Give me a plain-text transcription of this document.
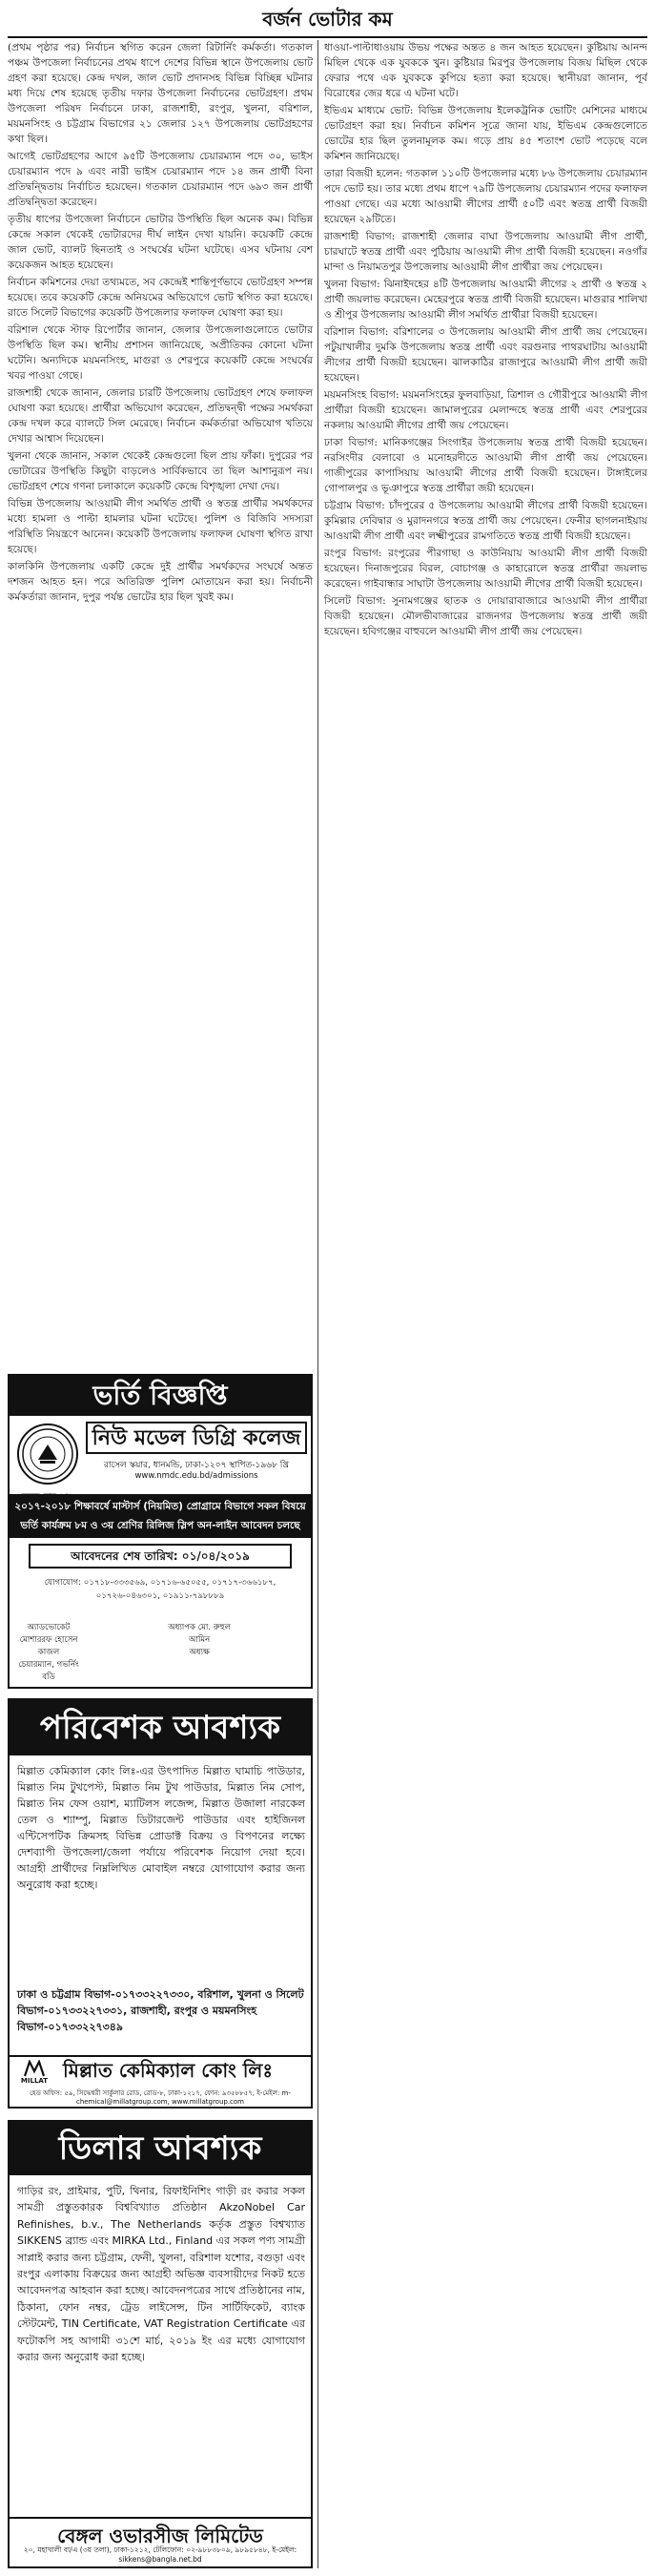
বর্জন ভোটার কম

(প্রথম পৃষ্ঠার পর) নির্বাচন স্থগিত করেন জেলা রিটার্নিং কর্মকর্তা। গতকাল পঞ্চম উপজেলা নির্বাচনের প্রথম ধাপে দেশের বিভিন্ন স্থানে উপজেলায় ভোট গ্রহণ করা হয়েছে। কেন্দ্র দখল, জাল ভোট প্রদানসহ বিভিন্ন বিচ্ছিন্ন ঘটনার মধ্য দিয়ে শেষ হয়েছে তৃতীয় দফার উপজেলা নির্বাচনের ভোটগ্রহণ। প্রথম উপজেলা পরিষদ নির্বাচনে ঢাকা, রাজশাহী, রংপুর, খুলনা, বরিশাল, ময়মনসিংহ ও চট্টগ্রাম বিভাগের ২১ জেলার ১২৭ উপজেলায় ভোটগ্রহণের কথা ছিল।

আগেই ভোটগ্রহণের আগে ৯৫টি উপজেলায় চেয়ারম্যান পদে ৩০, ভাইস চেয়ারম্যান পদে ৯ এবং নারী ভাইস চেয়ারম্যান পদে ১৪ জন প্রার্থী বিনা প্রতিদ্বন্দ্বিতায় নির্বাচিত হয়েছেন। গতকাল চেয়ারম্যান পদে ৬৯৩ জন প্রার্থী প্রতিদ্বন্দ্বিতা করেছেন।

তৃতীয় ধাপের উপজেলা নির্বাচনে ভোটার উপস্থিতি ছিল অনেক কম। বিভিন্ন কেন্দ্রে সকাল থেকেই ভোটারদের দীর্ঘ লাইন দেখা যায়নি। কয়েকটি কেন্দ্রে জাল ভোট, ব্যালট ছিনতাই ও সংঘর্ষের ঘটনা ঘটেছে। এসব ঘটনায় বেশ কয়েকজন আহত হয়েছেন।

নির্বাচন কমিশনের দেয়া তথ্যমতে, সব কেন্দ্রেই শান্তিপূর্ণভাবে ভোটগ্রহণ সম্পন্ন হয়েছে। তবে কয়েকটি কেন্দ্রে অনিয়মের অভিযোগে ভোট স্থগিত করা হয়েছে। রাতে সিলেট বিভাগের কয়েকটি উপজেলার ফলাফল ঘোষণা করা হয়।

বরিশাল থেকে স্টাফ রিপোর্টার জানান, জেলার উপজেলাগুলোতে ভোটার উপস্থিতি ছিল কম। স্থানীয় প্রশাসন জানিয়েছে, অপ্রীতিকর কোনো ঘটনা ঘটেনি। অন্যদিকে ময়মনসিংহ, মাগুরা ও শেরপুরে কয়েকটি কেন্দ্রে সংঘর্ষের খবর পাওয়া গেছে।

রাজশাহী থেকে জানান, জেলার চারটি উপজেলায় ভোটগ্রহণ শেষে ফলাফল ঘোষণা করা হয়েছে। প্রার্থীরা অভিযোগ করেছেন, প্রতিদ্বন্দ্বী পক্ষের সমর্থকরা কেন্দ্র দখল করে ব্যালটে সিল মেরেছে। নির্বাচন কর্মকর্তারা অভিযোগ খতিয়ে দেখার আশ্বাস দিয়েছেন।

খুলনা থেকে জানান, সকাল থেকেই কেন্দ্রগুলো ছিল প্রায় ফাঁকা। দুপুরের পর ভোটারের উপস্থিতি কিছুটা বাড়লেও সার্বিকভাবে তা ছিল আশানুরূপ নয়। ভোটগ্রহণ শেষে গণনা চলাকালে কয়েকটি কেন্দ্রে বিশৃঙ্খলা দেখা দেয়।

বিভিন্ন উপজেলায় আওয়ামী লীগ সমর্থিত প্রার্থী ও স্বতন্ত্র প্রার্থীর সমর্থকদের মধ্যে হামলা ও পাল্টা হামলার ঘটনা ঘটেছে। পুলিশ ও বিজিবি সদস্যরা পরিস্থিতি নিয়ন্ত্রণে আনেন। কয়েকটি উপজেলায় ফলাফল ঘোষণা স্থগিত রাখা হয়েছে।

কালকিনি উপজেলায় একটি কেন্দ্রে দুই প্রার্থীর সমর্থকদের সংঘর্ষে অন্তত দশজন আহত হন। পরে অতিরিক্ত পুলিশ মোতায়েন করা হয়। নির্বাচনী কর্মকর্তারা জানান, দুপুর পর্যন্ত ভোটের হার ছিল খুবই কম।

ধাওয়া-পাল্টাধাওয়ায় উভয় পক্ষের অন্তত ৪ জন আহত হয়েছেন। কুষ্টিয়ায় আনন্দ মিছিল থেকে এক যুবককে খুন। কুষ্টিয়ার মিরপুর উপজেলায় বিজয় মিছিল থেকে ফেরার পথে এক যুবককে কুপিয়ে হত্যা করা হয়েছে। স্থানীয়রা জানান, পূর্ব বিরোধের জের ধরে এ ঘটনা ঘটে।

ইভিএম মাধ্যমে ভোট: বিভিন্ন উপজেলায় ইলেকট্রনিক ভোটিং মেশিনের মাধ্যমে ভোটগ্রহণ করা হয়। নির্বাচন কমিশন সূত্রে জানা যায়, ইভিএম কেন্দ্রগুলোতে ভোটের হার ছিল তুলনামূলক কম। গড়ে প্রায় ৪৫ শতাংশ ভোট পড়েছে বলে কমিশন জানিয়েছে।

তারা বিজয়ী হলেন: গতকাল ১১০টি উপজেলার মধ্যে ৮৬ উপজেলায় চেয়ারম্যান পদে ভোট হয়। তার মধ্যে প্রথম ধাপে ৭৯টি উপজেলায় চেয়ারম্যান পদের ফলাফল পাওয়া গেছে। এর মধ্যে আওয়ামী লীগের প্রার্থী ৫০টি এবং স্বতন্ত্র প্রার্থী বিজয়ী হয়েছেন ২৯টিতে।

রাজশাহী বিভাগ: রাজশাহী জেলার বাঘা উপজেলায় আওয়ামী লীগ প্রার্থী, চারঘাটে স্বতন্ত্র প্রার্থী এবং পুঠিয়ায় আওয়ামী লীগ প্রার্থী বিজয়ী হয়েছেন। নওগাঁর মান্দা ও নিয়ামতপুর উপজেলায় আওয়ামী লীগ প্রার্থীরা জয় পেয়েছেন।

খুলনা বিভাগ: ঝিনাইদহের ৪টি উপজেলায় আওয়ামী লীগের ২ প্রার্থী ও স্বতন্ত্র ২ প্রার্থী জয়লাভ করেছেন। মেহেরপুরে স্বতন্ত্র প্রার্থী বিজয়ী হয়েছেন। মাগুরার শালিখা ও শ্রীপুর উপজেলায় আওয়ামী লীগ সমর্থিত প্রার্থীরা বিজয়ী হয়েছেন।

বরিশাল বিভাগ: বরিশালের ৩ উপজেলায় আওয়ামী লীগ প্রার্থী জয় পেয়েছেন। পটুয়াখালীর দুমকি উপজেলায় স্বতন্ত্র প্রার্থী এবং বরগুনার পাথরঘাটায় আওয়ামী লীগের প্রার্থী বিজয়ী হয়েছেন। ঝালকাঠির রাজাপুরে আওয়ামী লীগ প্রার্থী জয়ী হয়েছেন।

ময়মনসিংহ বিভাগ: ময়মনসিংহের ফুলবাড়িয়া, ত্রিশাল ও গৌরীপুরে আওয়ামী লীগ প্রার্থীরা বিজয়ী হয়েছেন। জামালপুরের মেলান্দহে স্বতন্ত্র প্রার্থী এবং শেরপুরের নকলায় আওয়ামী লীগের প্রার্থী জয় পেয়েছেন।

ঢাকা বিভাগ: মানিকগঞ্জের সিংগাইর উপজেলায় স্বতন্ত্র প্রার্থী বিজয়ী হয়েছেন। নরসিংদীর বেলাবো ও মনোহরদীতে আওয়ামী লীগ প্রার্থী জয় পেয়েছেন। গাজীপুরের কাপাসিয়ায় আওয়ামী লীগের প্রার্থী বিজয়ী হয়েছেন। টাঙ্গাইলের গোপালপুর ও ভূঞাপুরে স্বতন্ত্র প্রার্থীরা জয়ী হয়েছেন।

চট্টগ্রাম বিভাগ: চাঁদপুরের ৫ উপজেলায় আওয়ামী লীগের প্রার্থী বিজয়ী হয়েছেন। কুমিল্লার দেবিদ্বার ও মুরাদনগরে স্বতন্ত্র প্রার্থী জয় পেয়েছেন। ফেনীর ছাগলনাইয়ায় আওয়ামী লীগ প্রার্থী এবং লক্ষ্মীপুরের রামগতিতে স্বতন্ত্র প্রার্থী বিজয়ী হয়েছেন।

রংপুর বিভাগ: রংপুরের পীরগাছা ও কাউনিয়ায় আওয়ামী লীগ প্রার্থী বিজয়ী হয়েছেন। দিনাজপুরের বিরল, বোচাগঞ্জ ও কাহারোলে স্বতন্ত্র প্রার্থীরা জয়লাভ করেছেন। গাইবান্ধার সাঘাটা উপজেলায় আওয়ামী লীগের প্রার্থী বিজয়ী হয়েছেন।

সিলেট বিভাগ: সুনামগঞ্জের ছাতক ও দোয়ারাবাজারে আওয়ামী লীগ প্রার্থীরা বিজয়ী হয়েছেন। মৌলভীবাজারের রাজনগর উপজেলায় স্বতন্ত্র প্রার্থী জয়ী হয়েছেন। হবিগঞ্জের বাহুবলে আওয়ামী লীগ প্রার্থী জয় পেয়েছেন।

ভর্তি বিজ্ঞপ্তি
নিউ মডেল ডিগ্রি কলেজ
রাসেল স্কয়ার, ধানমন্ডি, ঢাকা-১২০৭ স্থাপিত-১৯৬৮ খ্রি
www.nmdc.edu.bd/admissions
২০১৭-২০১৮ শিক্ষাবর্ষে মাস্টার্স (নিয়মিত) প্রোগ্রামে বিভাগে সকল বিষয়ে ভর্তি কার্যক্রম ৮ম ও ৩য় শ্রেণির রিলিজ স্লিপ অন-লাইন আবেদন চলছে
আবেদনের শেষ তারিখ: ০১/০৪/২০১৯
যোগাযোগ: ০১৭১৮-৩৩৩৫৬৯, ০১৭১৬-৬৫০৫৫, ০১৭১৭-৩৬৬১৮৭, ০১৭২৬-০৪৬৩০১, ০১৯১১-৭৯৮৮৮৯
অ্যাডভোকেট মোশাররফ হোসেন কাজল
চেয়ারম্যান, গভর্নিং বডি
অধ্যাপক মো. রুহুল আমিন
অধ্যক্ষ
পরিবেশক আবশ্যক
মিল্লাত কেমিক্যাল কোং লিঃ-এর উৎপাদিত মিল্লাত ঘামাচি পাউডার, মিল্লাত নিম টুথপেস্ট, মিল্লাত নিম টুথ পাউডার, মিল্লাত নিম সোপ, মিল্লাত নিম ফেস ওয়াশ, ম্যাটিলস লজেন্স, মিল্লাত উজালা নারকেল তেল ও শ্যাম্পু, মিল্লাত ডিটারজেন্ট পাউডার এবং হাইজিনল এন্টিসেপটিক ক্রিমসহ বিভিন্ন প্রোডাক্ট বিক্রয় ও বিপণনের লক্ষ্যে দেশব্যাপী উপজেলা/জেলা পর্যায়ে পরিবেশক নিয়োগ দেয়া হবে। আগ্রহী প্রার্থীদের নিম্নলিখিত মোবাইল নম্বরে যোগাযোগ করার জন্য অনুরোধ করা হচ্ছে।
ঢাকা ও চট্টগ্রাম বিভাগ-০১৭৩৩২২৭৩৩০, বরিশাল, খুলনা ও সিলেট বিভাগ-০১৭৩৩২২৭৩৩১, রাজশাহী, রংপুর ও ময়মনসিংহ বিভাগ-০১৭৩৩২২৭৩৪৯
MILLAT মিল্লাত কেমিক্যাল কোং লিঃ
হেড অফিস: ৫৯, সিদ্ধেশ্বরী সার্কুলার রোড, রোড-৮, ঢাকা-১২১৭, ফোন: ৯৩৫৮৮৫৭, ই-মেইল: m-chemical@millatgroup.com, www.millatgroup.com
ডিলার আবশ্যক
গাড়ির রং, প্রাইমার, পুটি, থিনার, রিফাইনিশিং গাড়ী রং করার সকল সামগ্রী প্রস্তুতকারক বিশ্ববিখ্যাত প্রতিষ্ঠান AkzoNobel Car Refinishes, b.v., The Netherlands কর্তৃক প্রস্তুত বিশ্বখ্যাত SIKKENS ব্র্যান্ড এবং MIRKA Ltd., Finland এর সকল পণ্য সামগ্রী সাপ্লাই করার জন্য চট্টগ্রাম, ফেনী, খুলনা, বরিশাল যশোর, বগুড়া এবং রংপুর এলাকায় বিক্রয়ের জন্য আগ্রহী অভিজ্ঞ ব্যবসায়ীদের নিকট হতে আবেদনপত্র আহবান করা হচ্ছে। আবেদনপত্রের সাথে প্রতিষ্ঠানের নাম, ঠিকানা, ফোন নম্বর, ট্রেড লাইসেন্স, টিন সার্টিফিকেট, ব্যাংক স্টেটমেন্ট, TIN Certificate, VAT Registration Certificate এর ফটোকপি সহ আগামী ৩১শে মার্চ, ২০১৯ ইং এর মধ্যে যোগাযোগ করার জন্য অনুরোধ করা হচ্ছে।
বেঙ্গল ওভারসীজ লিমিটেড
২০, মহাখালী বা/এ (৩য় তলা), ঢাকা-১২১২, টেলিফোন: ০২-৯৮৮৩৮০৯, ৯৮৯৫৮৪৮, ই-মেইল: sikkens@bangla.net.bd
